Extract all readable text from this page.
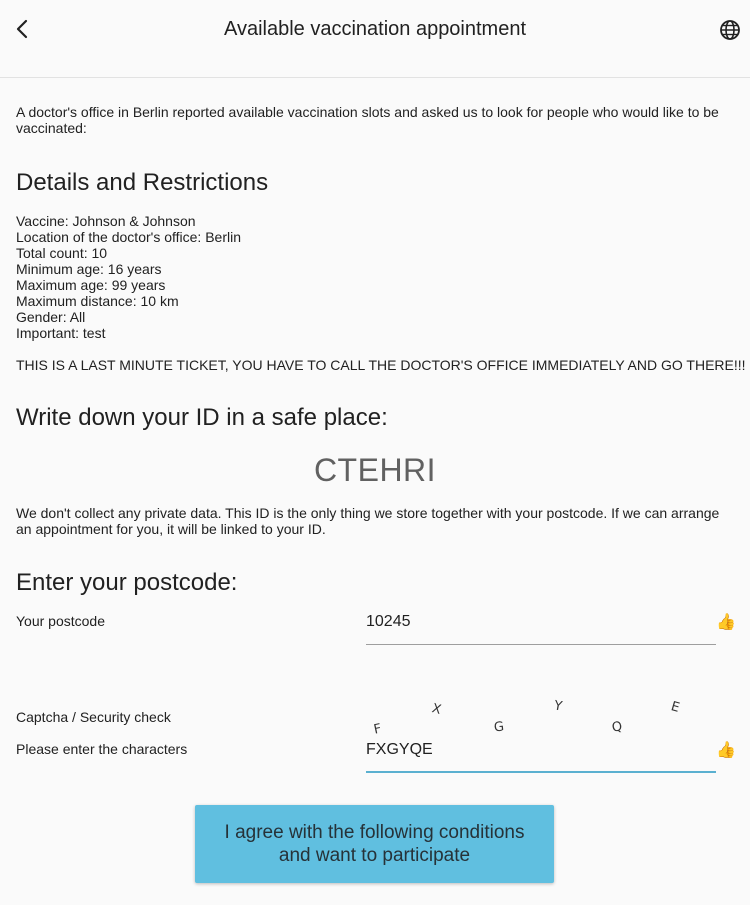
Available vaccination appointment
A doctor's office in Berlin reported available vaccination slots and asked us to look for people who would like to be vaccinated:
Details and Restrictions
Vaccine: Johnson & Johnson
Location of the doctor's office: Berlin
Total count: 10
Minimum age: 16 years
Maximum age: 99 years
Maximum distance: 10 km
Gender: All
Important: test
THIS IS A LAST MINUTE TICKET, YOU HAVE TO CALL THE DOCTOR'S OFFICE IMMEDIATELY AND GO THERE!!!
Write down your ID in a safe place:
CTEHRI
We don't collect any private data. This ID is the only thing we store together with your postcode. If we can arrange an appointment for you, it will be linked to your ID.
Enter your postcode:
Your postcode
10245	👍
Captcha / Security check
Please enter the characters
F
X
G
Y
Q
E
FXGYQE
👍
I agree with the following conditions and want to participate
